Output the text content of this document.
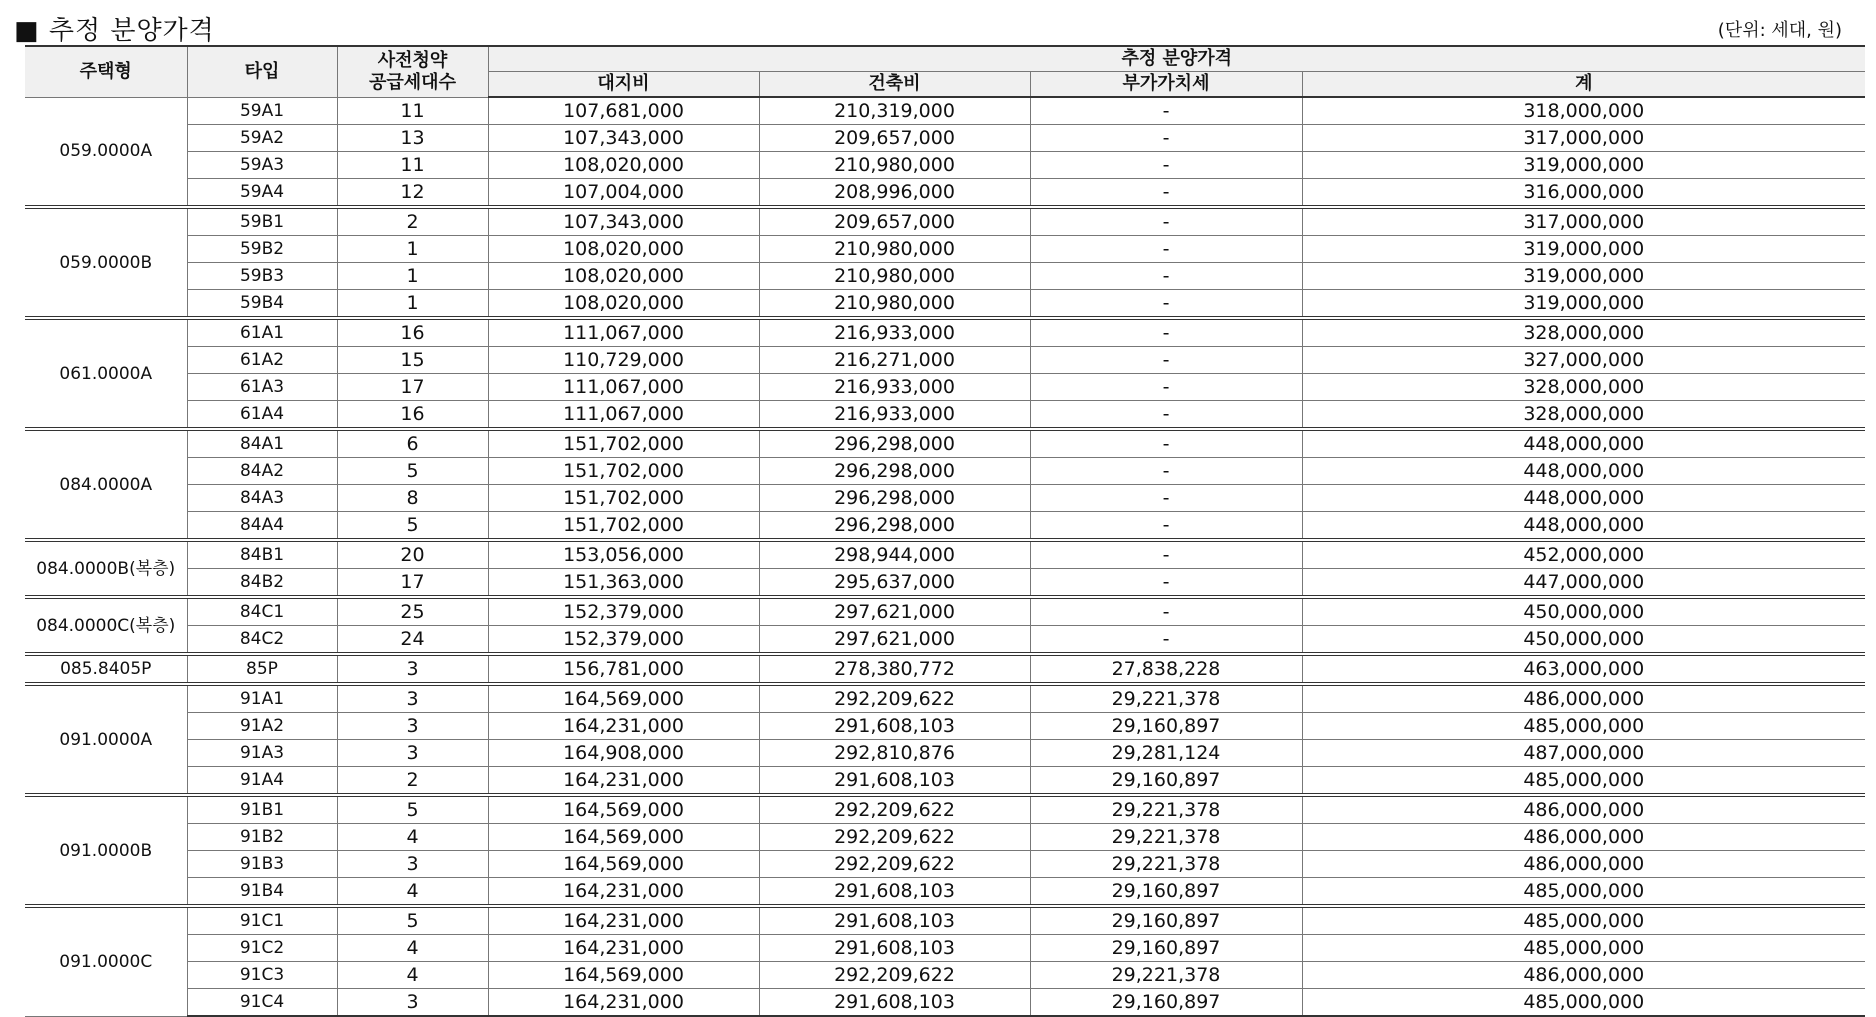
■ 추정 분양가격	(단위: 세대, 원)
주택형	타입	사전청약
공급세대수	추정 분양가격			
			대지비	건축비	부가가치세	계
059.0000A	59A1	11	107,681,000	210,319,000	-	318,000,000
	59A2	13	107,343,000	209,657,000	-	317,000,000
	59A3	11	108,020,000	210,980,000	-	319,000,000
	59A4	12	107,004,000	208,996,000	-	316,000,000
059.0000B	59B1	2	107,343,000	209,657,000	-	317,000,000
	59B2	1	108,020,000	210,980,000	-	319,000,000
	59B3	1	108,020,000	210,980,000	-	319,000,000
	59B4	1	108,020,000	210,980,000	-	319,000,000
061.0000A	61A1	16	111,067,000	216,933,000	-	328,000,000
	61A2	15	110,729,000	216,271,000	-	327,000,000
	61A3	17	111,067,000	216,933,000	-	328,000,000
	61A4	16	111,067,000	216,933,000	-	328,000,000
084.0000A	84A1	6	151,702,000	296,298,000	-	448,000,000
	84A2	5	151,702,000	296,298,000	-	448,000,000
	84A3	8	151,702,000	296,298,000	-	448,000,000
	84A4	5	151,702,000	296,298,000	-	448,000,000
084.0000B(복층)	84B1	20	153,056,000	298,944,000	-	452,000,000
	84B2	17	151,363,000	295,637,000	-	447,000,000
084.0000C(복층)	84C1	25	152,379,000	297,621,000	-	450,000,000
	84C2	24	152,379,000	297,621,000	-	450,000,000
085.8405P	85P	3	156,781,000	278,380,772	27,838,228	463,000,000
091.0000A	91A1	3	164,569,000	292,209,622	29,221,378	486,000,000
	91A2	3	164,231,000	291,608,103	29,160,897	485,000,000
	91A3	3	164,908,000	292,810,876	29,281,124	487,000,000
	91A4	2	164,231,000	291,608,103	29,160,897	485,000,000
091.0000B	91B1	5	164,569,000	292,209,622	29,221,378	486,000,000
	91B2	4	164,569,000	292,209,622	29,221,378	486,000,000
	91B3	3	164,569,000	292,209,622	29,221,378	486,000,000
	91B4	4	164,231,000	291,608,103	29,160,897	485,000,000
091.0000C	91C1	5	164,231,000	291,608,103	29,160,897	485,000,000
	91C2	4	164,231,000	291,608,103	29,160,897	485,000,000
	91C3	4	164,569,000	292,209,622	29,221,378	486,000,000
	91C4	3	164,231,000	291,608,103	29,160,897	485,000,000
